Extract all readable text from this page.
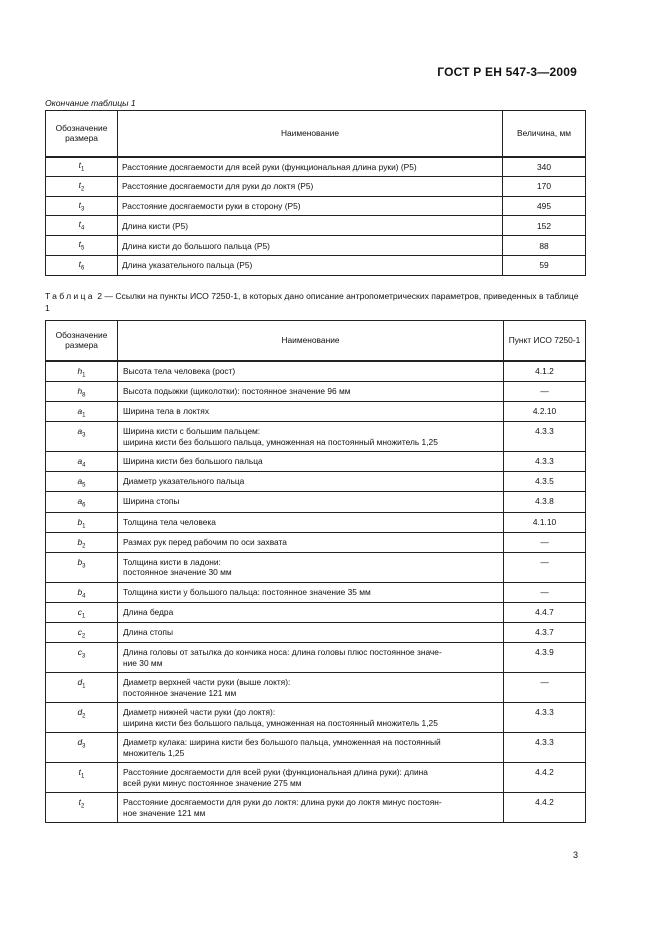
ГОСТ Р ЕН 547-3—2009
Окончание таблицы 1
Обозначение размера	Наименование	Величина, мм
$t_1$	Расстояние досягаемости для всей руки (функциональная длина руки) (Р5)	340
$t_2$	Расстояние досягаемости для руки до локтя (Р5)	170
$t_3$	Расстояние досягаемости руки в сторону (Р5)	495
$t_4$	Длина кисти (Р5)	152
$t_5$	Длина кисти до большого пальца (Р5)	88
$t_6$	Длина указательного пальца (Р5)	59
Таблица 2 — Ссылки на пункты ИСО 7250-1, в которых дано описание антропометрических параметров, приведенных в таблице 1
Обозначение размера	Наименование	Пункт ИСО 7250-1
$h_1$	Высота тела человека (рост)	4.1.2
$h_8$	Высота подыжки (щиколотки): постоянное значение 96 мм	—
$a_1$	Ширина тела в локтях	4.2.10
$a_3$	Ширина кисти с большим пальцем:
ширина кисти без большого пальца, умноженная на постоянный множитель 1,25	4.3.3
$a_4$	Ширина кисти без большого пальца	4.3.3
$a_5$	Диаметр указательного пальца	4.3.5
$a_6$	Ширина стопы	4.3.8
$b_1$	Толщина тела человека	4.1.10
$b_2$	Размах рук перед рабочим по оси захвата	—
$b_3$	Толщина кисти в ладони:
постоянное значение 30 мм	—
$b_4$	Толщина кисти у большого пальца: постоянное значение 35 мм	—
$c_1$	Длина бедра	4.4.7
$c_2$	Длина стопы	4.3.7
$c_3$	Длина головы от затылка до кончика носа: длина головы плюс постоянное значе-
ние 30 мм	4.3.9
$d_1$	Диаметр верхней части руки (выше локтя):
постоянное значение 121 мм	—
$d_2$	Диаметр нижней части руки (до локтя):
ширина кисти без большого пальца, умноженная на постоянный множитель 1,25	4.3.3
$d_3$	Диаметр кулака: ширина кисти без большого пальца, умноженная на постоянный
множитель 1,25	4.3.3
$t_1$	Расстояние досягаемости для всей руки (функциональная длина руки): длина
всей руки минус постоянное значение 275 мм	4.4.2
$t_2$	Расстояние досягаемости для руки до локтя: длина руки до локтя минус постоян-
ное значение 121 мм	4.4.2
3
